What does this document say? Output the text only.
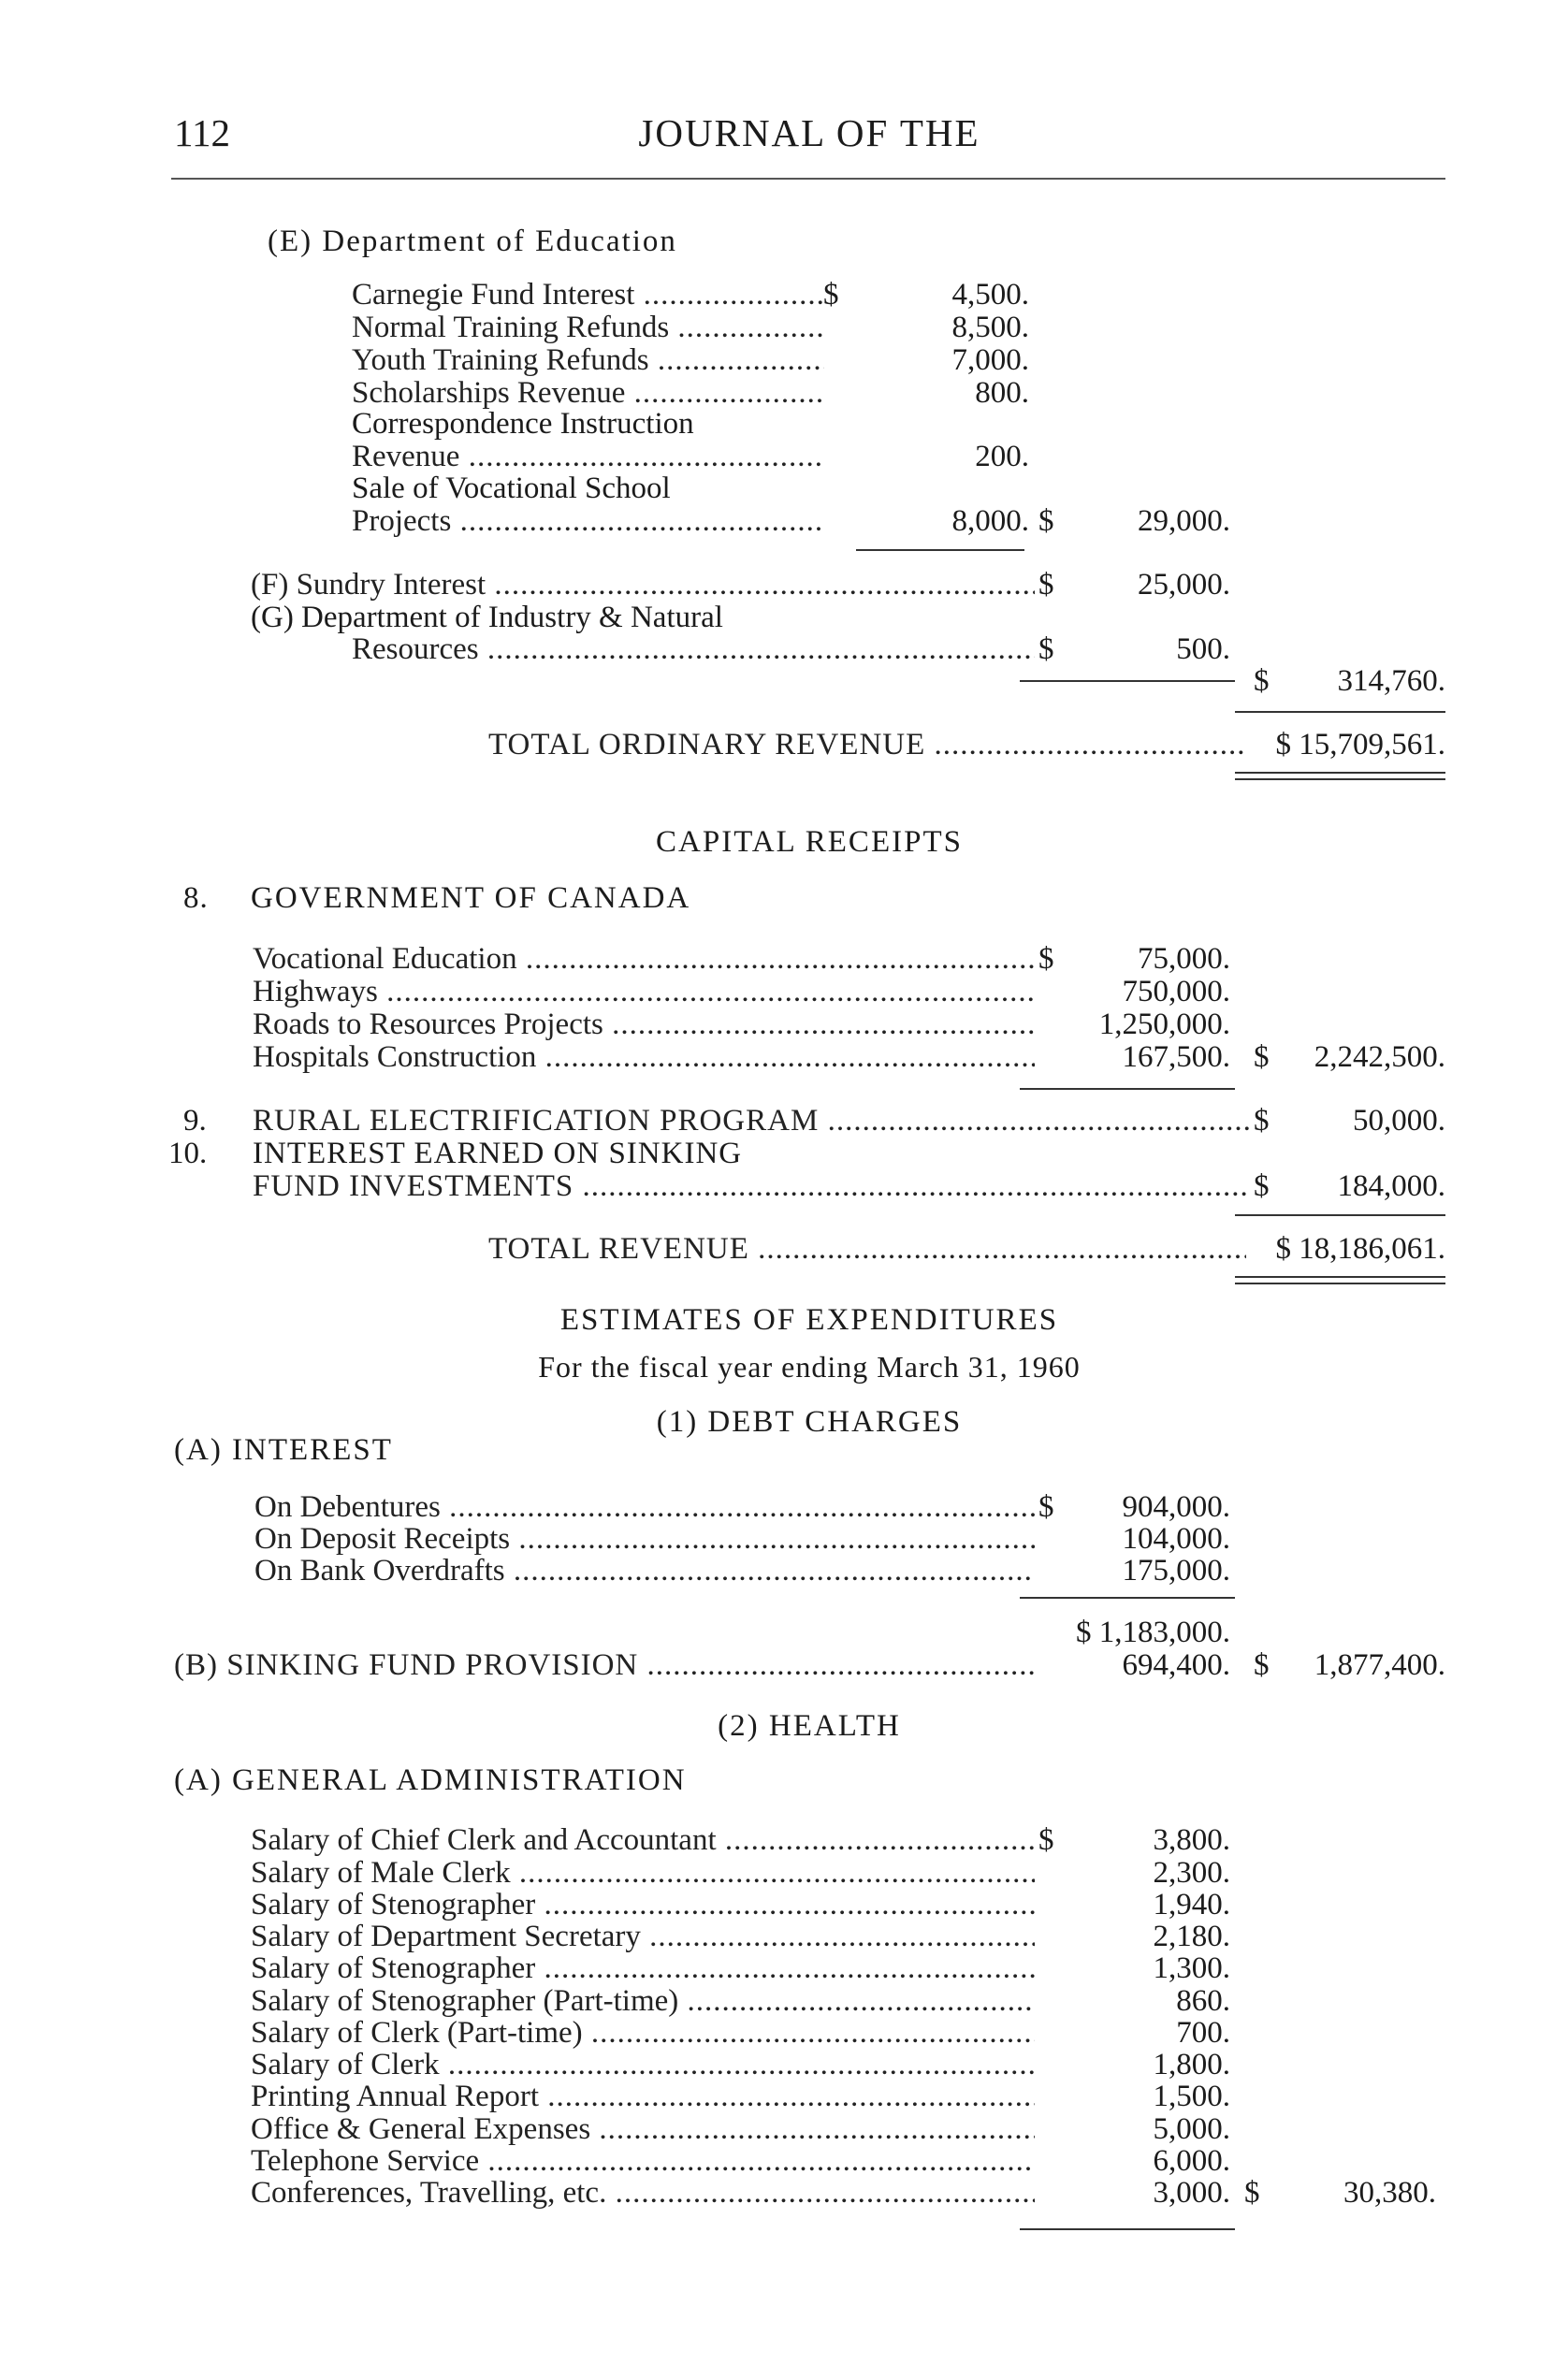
112	JOURNAL OF THE
(E) Department of Education
Carnegie Fund Interest .....	$	4,500.
Normal Training Refunds .....	8,500.
Youth Training Refunds .....	7,000.
Scholarships Revenue .....	800.
Correspondence Instruction
Revenue .....	200.
Sale of Vocational School
Projects .....	8,000. $	29,000.
(F) Sundry Interest .....	$	25,000.
(G) Department of Industry & Natural
Resources .....	$	500.
$	314,760.
TOTAL ORDINARY REVENUE .....	$ 15,709,561.
CAPITAL RECEIPTS
8. GOVERNMENT OF CANADA
Vocational Education .....	$	75,000.
Highways .....	750,000.
Roads to Resources Projects .....	1,250,000.
Hospitals Construction .....	167,500. $	2,242,500.
9.	RURAL ELECTRIFICATION PROGRAM .....	$	50,000.
10. INTEREST EARNED ON SINKING
FUND INVESTMENTS .....	$	184,000.
TOTAL REVENUE .....	$ 18,186,061.
ESTIMATES OF EXPENDITURES
For the fiscal year ending March 31, 1960
(1) DEBT CHARGES
(A) INTEREST
On Debentures .....	$	904,000.
On Deposit Receipts .....	104,000.
On Bank Overdrafts .....	175,000.
$ 1,183,000.
(B) SINKING FUND PROVISION .....	694,400. $	1,877,400.
(2) HEALTH
(A) GENERAL ADMINISTRATION
Salary of Chief Clerk and Accountant .....	$	3,800.
Salary of Male Clerk .....	2,300.
Salary of Stenographer .....	1,940.
Salary of Department Secretary .....	2,180.
Salary of Stenographer .....	1,300.
Salary of Stenographer (Part-time) .....	860.
Salary of Clerk (Part-time) .....	700.
Salary of Clerk .....	1,800.
Printing Annual Report .....	1,500.
Office & General Expenses .....	5,000.
Telephone Service .....	6,000.
Conferences, Travelling, etc. .....	3,000. $	30,380.
